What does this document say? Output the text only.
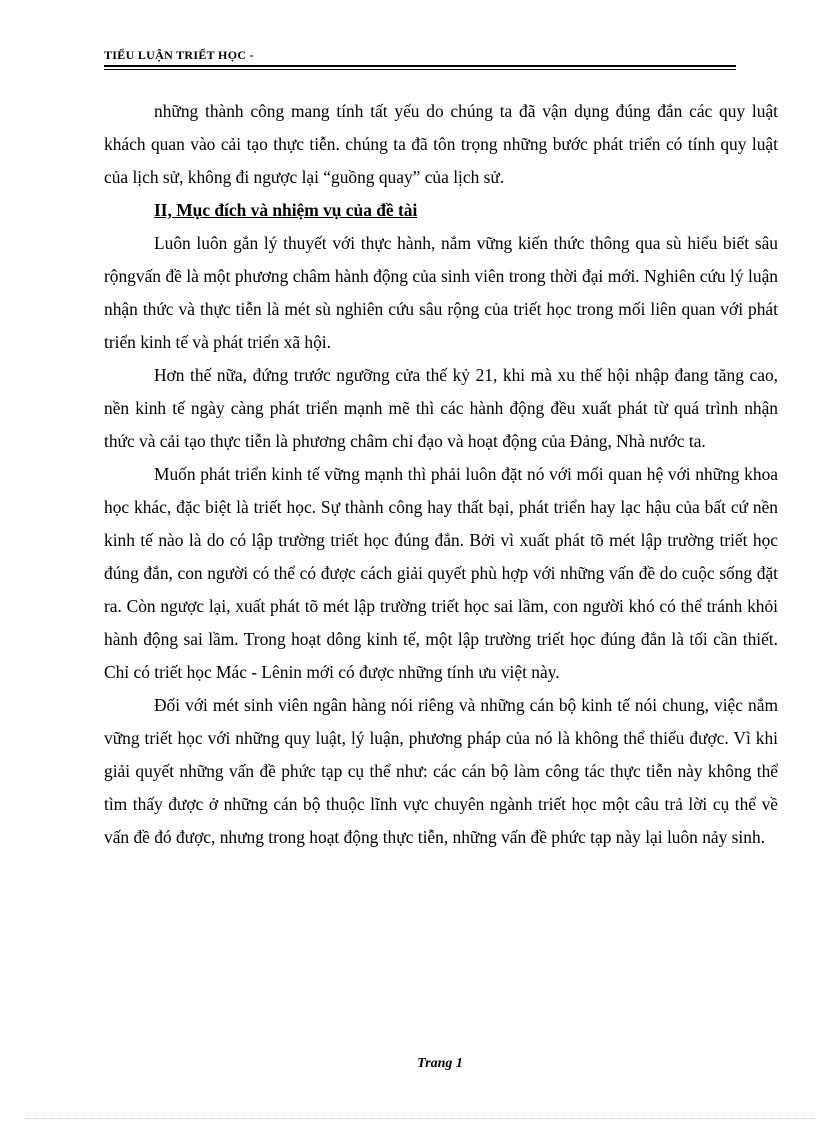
TIỂU LUẬN TRIẾT HỌC -

những thành công mang tính tất yếu do chúng ta đã vận dụng đúng đắn các quy luật khách quan vào cải tạo thực tiễn. chúng ta đã tôn trọng những bước phát triển có tính quy luật của lịch sử, không đi ngược lại “guồng quay” của lịch sử.

II, Mục đích và nhiệm vụ của đề tài

Luôn luôn gắn lý thuyết với thực hành, nắm vững kiến thức thông qua sù hiểu biết sâu rộngvấn đề là một phương châm hành động của sinh viên trong thời đại mới. Nghiên cứu lý luận nhận thức và thực tiễn là mét sù nghiên cứu sâu rộng của triết học trong mối liên quan với phát triển kinh tế và phát triển xã hội.

Hơn thế nữa, đứng trước ngưỡng cửa thế kỷ 21, khi mà xu thế hội nhập đang tăng cao, nền kinh tế ngày càng phát triển mạnh mẽ thì các hành động đều xuất phát từ quá trình nhận thức và cải tạo thực tiễn là phương châm chỉ đạo và hoạt động của Đảng, Nhà nước ta.

Muốn phát triển kinh tế vững mạnh thì phải luôn đặt nó với mối quan hệ với những khoa học khác, đặc biệt là triết học. Sự thành công hay thất bại, phát triển hay lạc hậu của bất cứ nền kinh tế nào là do có lập trường triết học đúng đắn. Bởi vì xuất phát tõ mét lập trường triết học đúng đắn, con người có thể có được cách giải quyết phù hợp với những vấn đề do cuộc sống đặt ra. Còn ngược lại, xuất phát tõ mét lập trường triết học sai lầm, con người khó có thể tránh khỏi hành động sai lầm. Trong hoạt dông kinh tế, một lập trường triết học đúng đắn là tối cần thiết. Chỉ có triết học Mác - Lênin mới có được những tính ưu việt này.

Đối với mét sinh viên ngân hàng nói riêng và những cán bộ kinh tế nói chung, việc nắm vững triết học với những quy luật, lý luận, phương pháp của nó là không thể thiếu được. Vì khi giải quyết những vấn đề phức tạp cụ thể như: các cán bộ làm công tác thực tiễn này không thể tìm thấy được ở những cán bộ thuộc lĩnh vực chuyên ngành triết học một câu trả lời cụ thể về vấn đề đó được, nhưng trong hoạt động thực tiễn, những vấn đề phức tạp này lại luôn nảy sinh.

Trang 1
